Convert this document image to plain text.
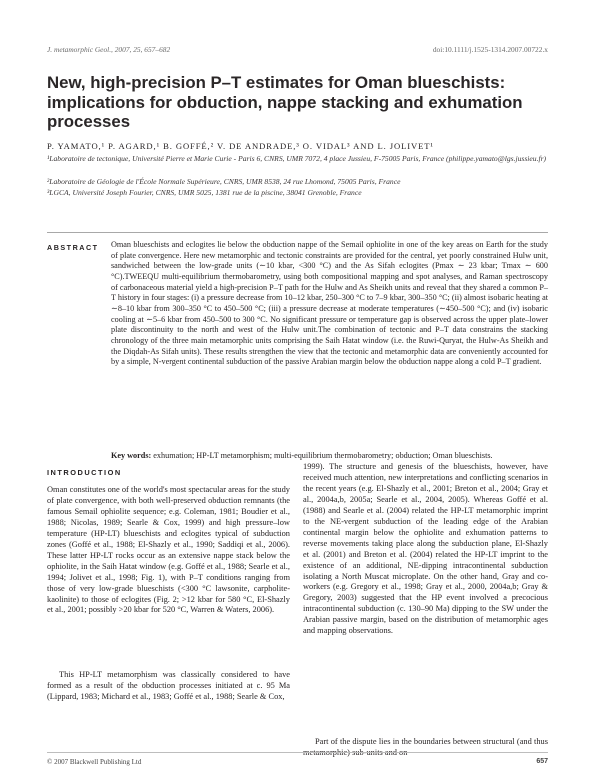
J. metamorphic Geol., 2007, 25, 657–682	doi:10.1111/j.1525-1314.2007.00722.x
New, high-precision P–T estimates for Oman blueschists: implications for obduction, nappe stacking and exhumation processes
P. YAMATO,¹ P. AGARD,¹ B. GOFFÉ,² V. DE ANDRADE,³ O. VIDAL³ AND L. JOLIVET¹
¹Laboratoire de tectonique, Université Pierre et Marie Curie - Paris 6, CNRS, UMR 7072, 4 place Jussieu, F-75005 Paris, France (philippe.yamato@lgs.jussieu.fr)
²Laboratoire de Géologie de l'École Normale Supérieure, CNRS, UMR 8538, 24 rue Lhomond, 75005 Paris, France
³LGCA, Université Joseph Fourier, CNRS, UMR 5025, 1381 rue de la piscine, 38041 Grenoble, France
ABSTRACT Oman blueschists and eclogites lie below the obduction nappe of the Semail ophiolite in one of the key areas on Earth for the study of plate convergence. Here new metamorphic and tectonic constraints are provided for the central, yet poorly constrained Hulw unit, sandwiched between the low-grade units (∼10 kbar, <300 °C) and the As Sifah eclogites (Pmax ∼ 23 kbar; Tmax ∼ 600 °C).TWEEQU multi-equilibrium thermobarometry, using both compositional mapping and spot analyses, and Raman spectroscopy of carbonaceous material yield a high-precision P–T path for the Hulw and As Sheikh units and reveal that they shared a common P–T history in four stages: (i) a pressure decrease from 10–12 kbar, 250–300 °C to 7–9 kbar, 300–350 °C; (ii) almost isobaric heating at ∼8–10 kbar from 300–350 °C to 450–500 °C; (iii) a pressure decrease at moderate temperatures (∼450–500 °C); and (iv) isobaric cooling at ∼5–6 kbar from 450–500 to 300 °C. No significant pressure or temperature gap is observed across the upper plate–lower plate discontinuity to the north and west of the Hulw unit.The combination of tectonic and P–T data constrains the stacking chronology of the three main metamorphic units comprising the Saih Hatat window (i.e. the Ruwi-Quryat, the Hulw-As Sheikh and the Diqdah-As Sifah units). These results strengthen the view that the tectonic and metamorphic data are conveniently accounted for by a simple, N-vergent continental subduction of the passive Arabian margin below the obduction nappe along a cold P–T gradient.

Key words: exhumation; HP-LT metamorphism; multi-equilibrium thermobarometry; obduction; Oman blueschists.

INTRODUCTION

Oman constitutes one of the world's most spectacular areas for the study of plate convergence, with both well-preserved obduction remnants (the famous Semail ophiolite sequence; e.g. Coleman, 1981; Boudier et al., 1988; Nicolas, 1989; Searle & Cox, 1999) and high pressure–low temperature (HP-LT) blueschists and eclogites typical of subduction zones (Goffé et al., 1988; El-Shazly et al., 1990; Saddiqi et al., 2006). These latter HP-LT rocks occur as an extensive nappe stack below the ophiolite, in the Saih Hatat window (e.g. Goffé et al., 1988; Searle et al., 1994; Jolivet et al., 1998; Fig. 1), with P–T conditions ranging from those of very low-grade blueschists (<300 °C lawsonite, carpholite-kaolinite) to those of eclogites (Fig. 2; >12 kbar for 580 °C, El-Shazly et al., 2001; possibly >20 kbar for 520 °C, Warren & Waters, 2006).

This HP-LT metamorphism was classically considered to have formed as a result of the obduction processes initiated at c. 95 Ma (Lippard, 1983; Michard et al., 1983; Goffé et al., 1988; Searle & Cox,

1999). The structure and genesis of the blueschists, however, have received much attention, new interpretations and conflicting scenarios in the recent years (e.g. El-Shazly et al., 2001; Breton et al., 2004; Gray et al., 2004a,b, 2005a; Searle et al., 2004, 2005). Whereas Goffé et al. (1988) and Searle et al. (2004) related the HP-LT metamorphic imprint to the NE-vergent subduction of the leading edge of the Arabian continental margin below the ophiolite and exhumation patterns to reverse movements taking place along the subduction plane, El-Shazly et al. (2001) and Breton et al. (2004) related the HP-LT imprint to the existence of an additional, NE-dipping intracontinental subduction isolating a North Muscat microplate. On the other hand, Gray and co-workers (e.g. Gregory et al., 1998; Gray et al., 2000, 2004a,b; Gray & Gregory, 2003) suggested that the HP event involved a precocious intracontinental subduction (c. 130–90 Ma) dipping to the SW under the Arabian passive margin, based on the distribution of metamorphic ages and mapping observations.

Part of the dispute lies in the boundaries between structural (and thus metamorphic) sub-units and on

© 2007 Blackwell Publishing Ltd	657
